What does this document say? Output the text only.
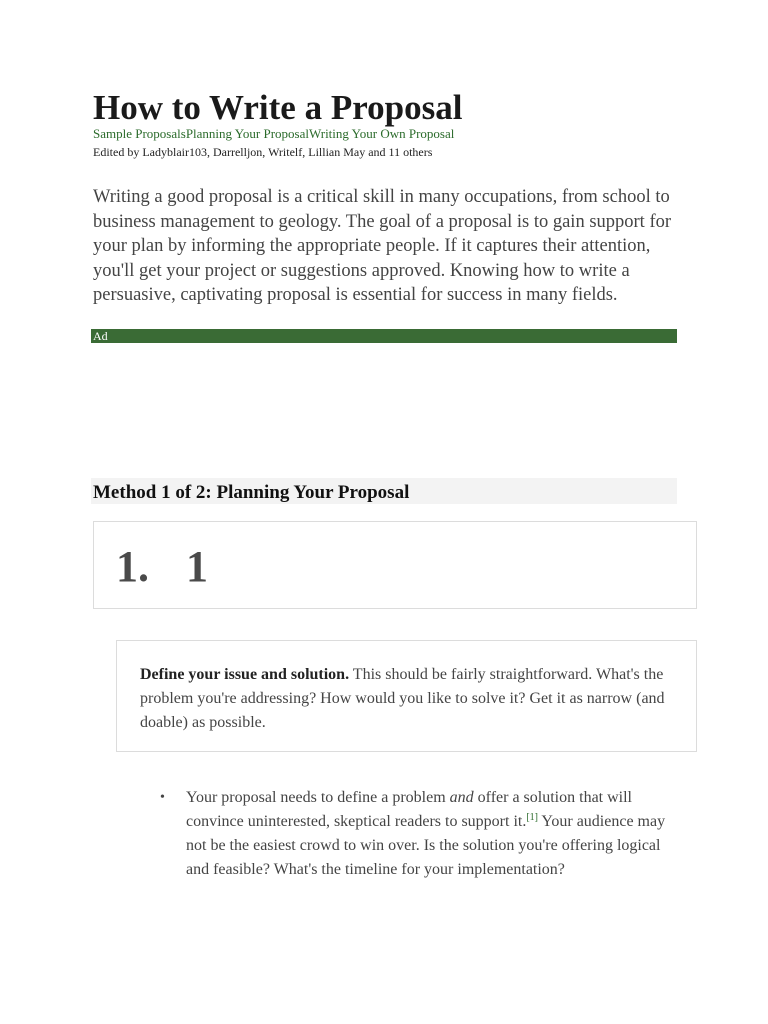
How to Write a Proposal
Sample ProposalsPlanning Your ProposalWriting Your Own Proposal
Edited by Ladyblair103, Darrelljon, Writelf, Lillian May and 11 others

Writing a good proposal is a critical skill in many occupations, from school to business management to geology. The goal of a proposal is to gain support for your plan by informing the appropriate people. If it captures their attention, you'll get your project or suggestions approved. Knowing how to write a persuasive, captivating proposal is essential for success in many fields.

Ad
Method 1 of 2: Planning Your Proposal
1. 1
Define your issue and solution. This should be fairly straightforward. What's the problem you're addressing? How would you like to solve it? Get it as narrow (and doable) as possible.
• Your proposal needs to define a problem and offer a solution that will convince uninterested, skeptical readers to support it.[1] Your audience may not be the easiest crowd to win over. Is the solution you're offering logical and feasible? What's the timeline for your implementation?
